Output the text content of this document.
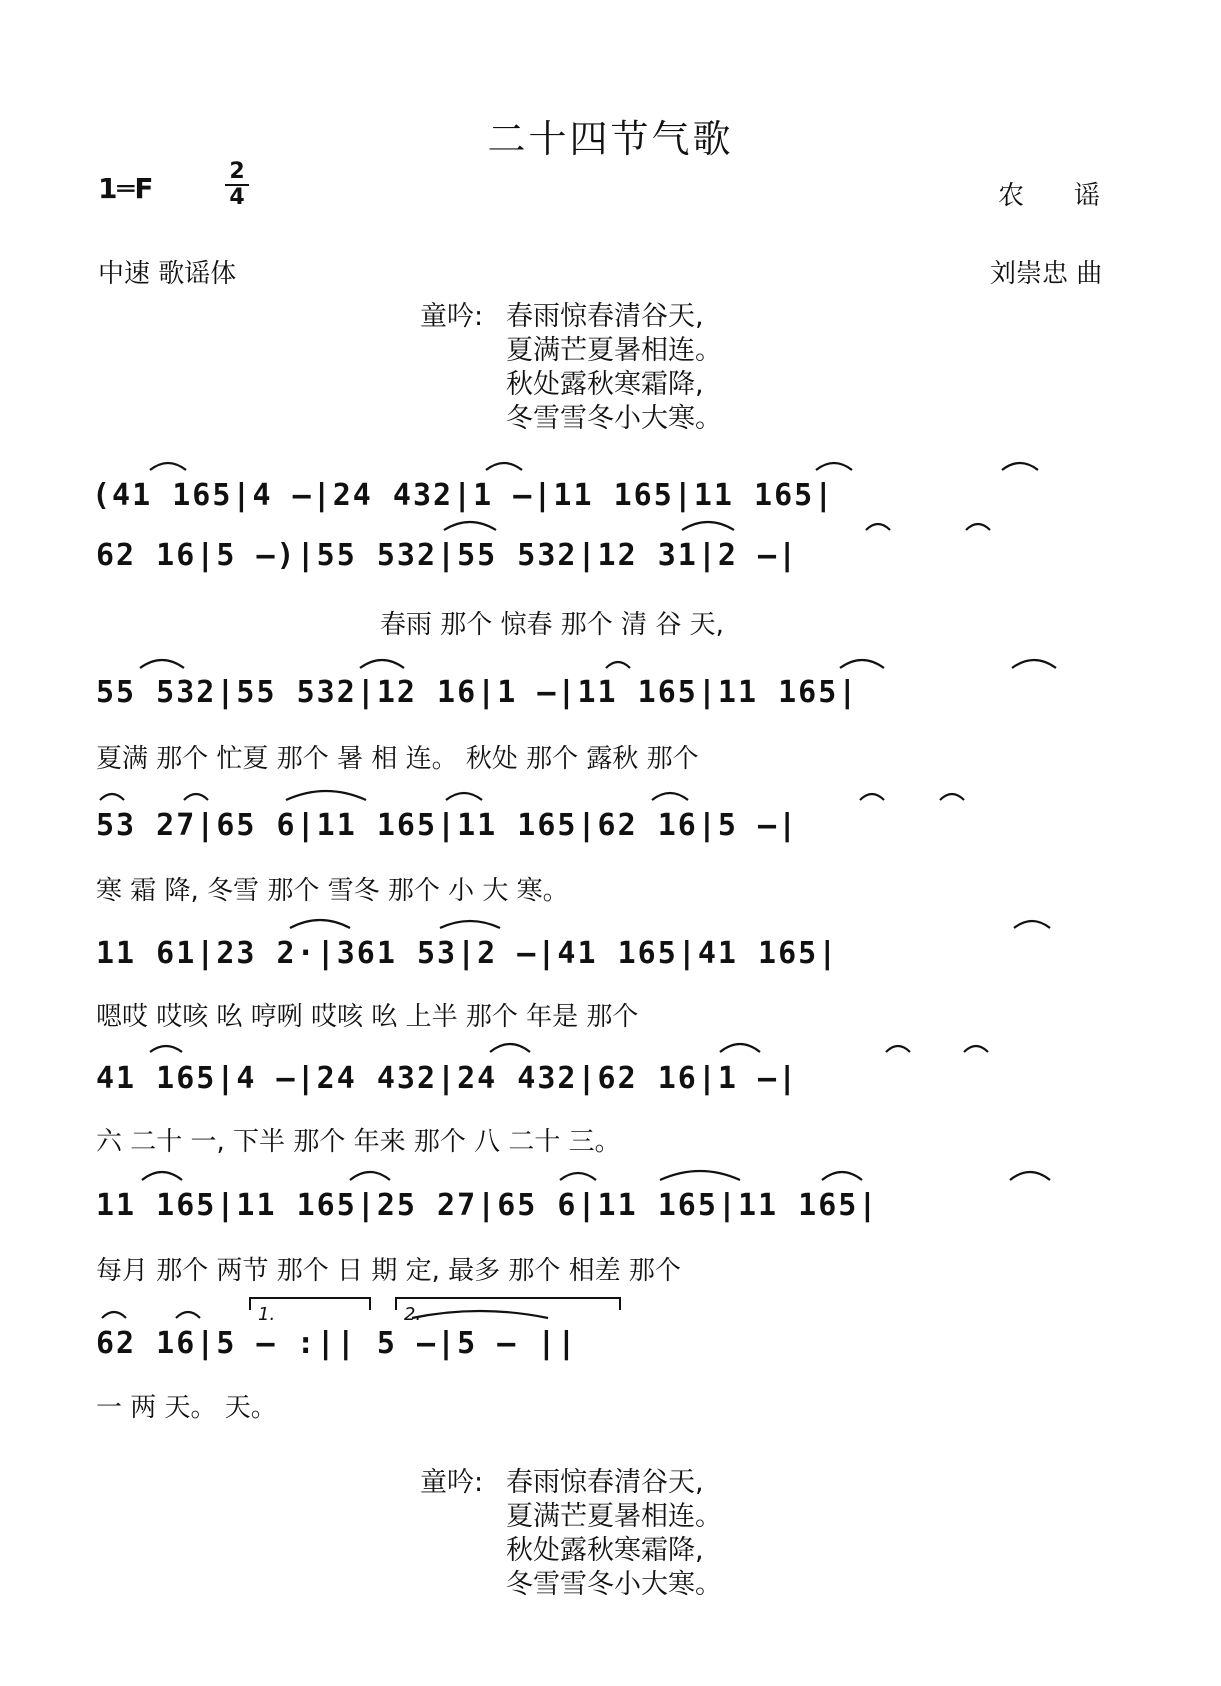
二十四节气歌
1═F
2
4	农谣
中速 歌谣体	刘崇忠 曲
童吟: 春雨惊春清谷天,
夏满芒夏暑相连。
秋处露秋寒霜降,
冬雪雪冬小大寒。
(41 165|4 –|24 432|1 –|11 165|11 165|
62 16|5 –)|55 532|55 532|12 31|2 –|
春雨 那个 惊春 那个 清 谷 天,
55 532|55 532|12 16|1 –|11 165|11 165|
夏满 那个 忙夏 那个 暑 相 连。 秋处 那个 露秋 那个
53 27|65 6|11 165|11 165|62 16|5 –|
寒 霜 降, 冬雪 那个 雪冬 那个 小 大 寒。
11 61|23 2·|361 53|2 –|41 165|41 165|
嗯哎 哎咳 吆 哼咧 哎咳 吆 上半 那个 年是 那个
41 165|4 –|24 432|24 432|62 16|1 –|
六 二十 一, 下半 那个 年来 那个 八 二十 三。
11 165|11 165|25 27|65 6|11 165|11 165|
每月 那个 两节 那个 日 期 定, 最多 那个 相差 那个
62 16|5 – :|| 5 –|5 – ||
一 两 天。 天。
1.	2.
童吟: 春雨惊春清谷天,
夏满芒夏暑相连。
秋处露秋寒霜降,
冬雪雪冬小大寒。
